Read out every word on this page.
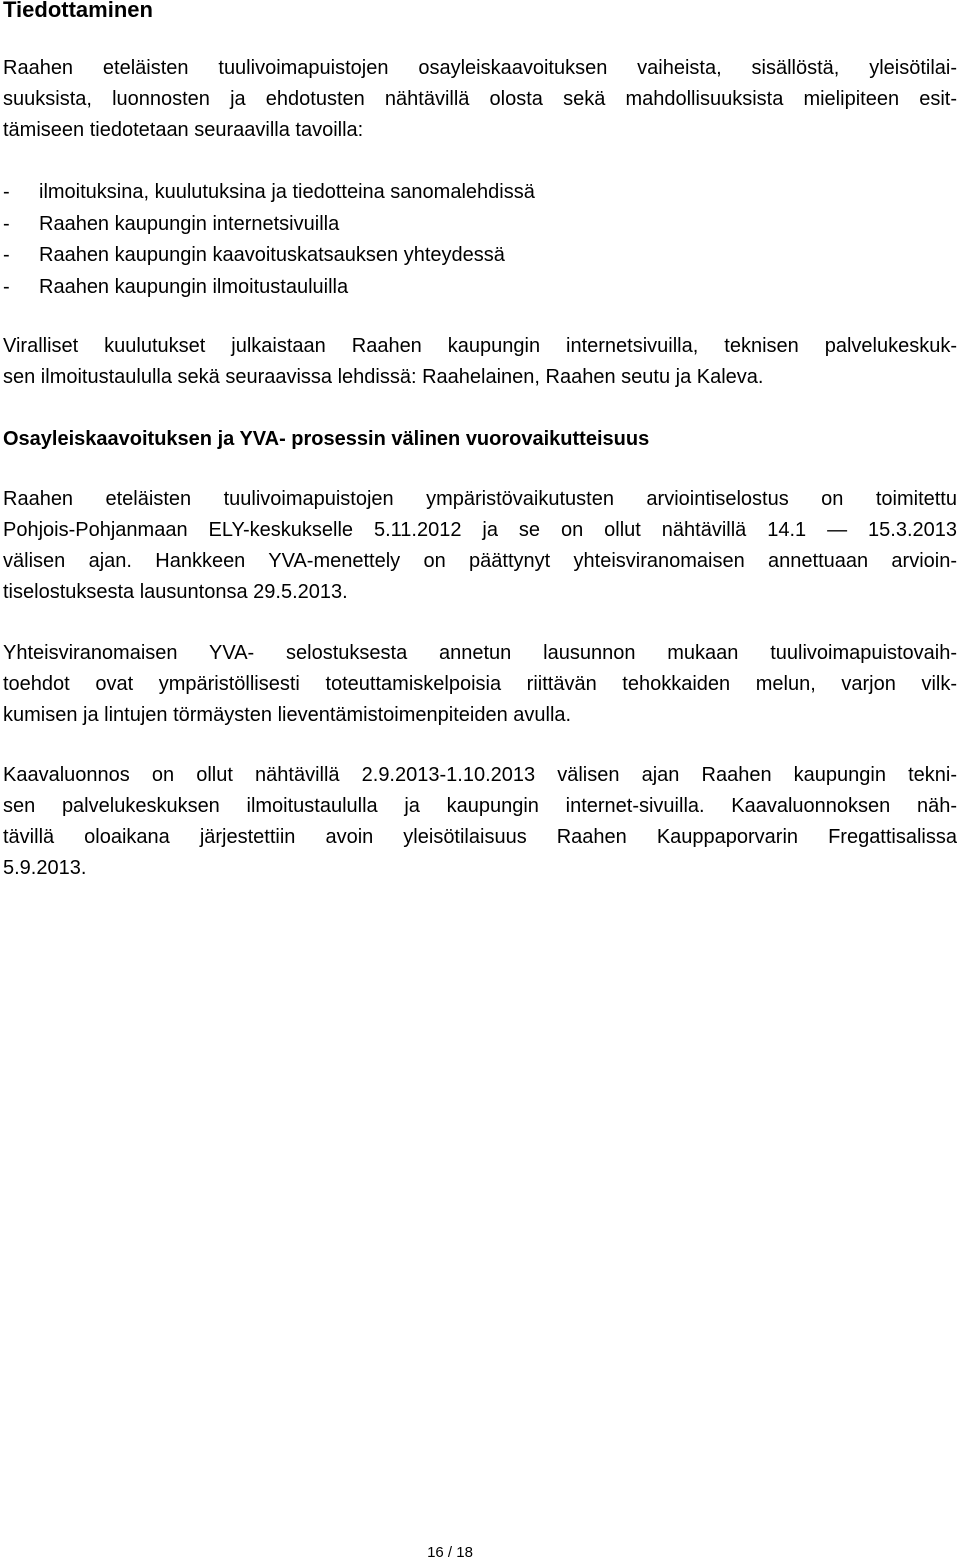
Tiedottaminen

Raahen eteläisten tuulivoimapuistojen osayleiskaavoituksen vaiheista, sisällöstä, yleisötilai-
suuksista, luonnosten ja ehdotusten nähtävillä olosta sekä mahdollisuuksista mielipiteen esit-
tämiseen tiedotetaan seuraavilla tavoilla:

- ilmoituksina, kuulutuksina ja tiedotteina sanomalehdissä
- Raahen kaupungin internetsivuilla
- Raahen kaupungin kaavoituskatsauksen yhteydessä
- Raahen kaupungin ilmoitustauluilla

Viralliset kuulutukset julkaistaan Raahen kaupungin internetsivuilla, teknisen palvelukeskuk-
sen ilmoitustaululla sekä seuraavissa lehdissä: Raahelainen, Raahen seutu ja Kaleva.

Osayleiskaavoituksen ja YVA- prosessin välinen vuorovaikutteisuus

Raahen eteläisten tuulivoimapuistojen ympäristövaikutusten arviointiselostus on toimitettu
Pohjois-Pohjanmaan ELY-keskukselle 5.11.2012 ja se on ollut nähtävillä 14.1 — 15.3.2013
välisen ajan. Hankkeen YVA-menettely on päättynyt yhteisviranomaisen annettuaan arvioin-
tiselostuksesta lausuntonsa 29.5.2013.

Yhteisviranomaisen YVA- selostuksesta annetun lausunnon mukaan tuulivoimapuistovaih-
toehdot ovat ympäristöllisesti toteuttamiskelpoisia riittävän tehokkaiden melun, varjon vilk-
kumisen ja lintujen törmäysten lieventämistoimenpiteiden avulla.

Kaavaluonnos on ollut nähtävillä 2.9.2013-1.10.2013 välisen ajan Raahen kaupungin tekni-
sen palvelukeskuksen ilmoitustaululla ja kaupungin internet-sivuilla. Kaavaluonnoksen näh-
tävillä oloaikana järjestettiin avoin yleisötilaisuus Raahen Kauppaporvarin Fregattisalissa
5.9.2013.

16 / 18
